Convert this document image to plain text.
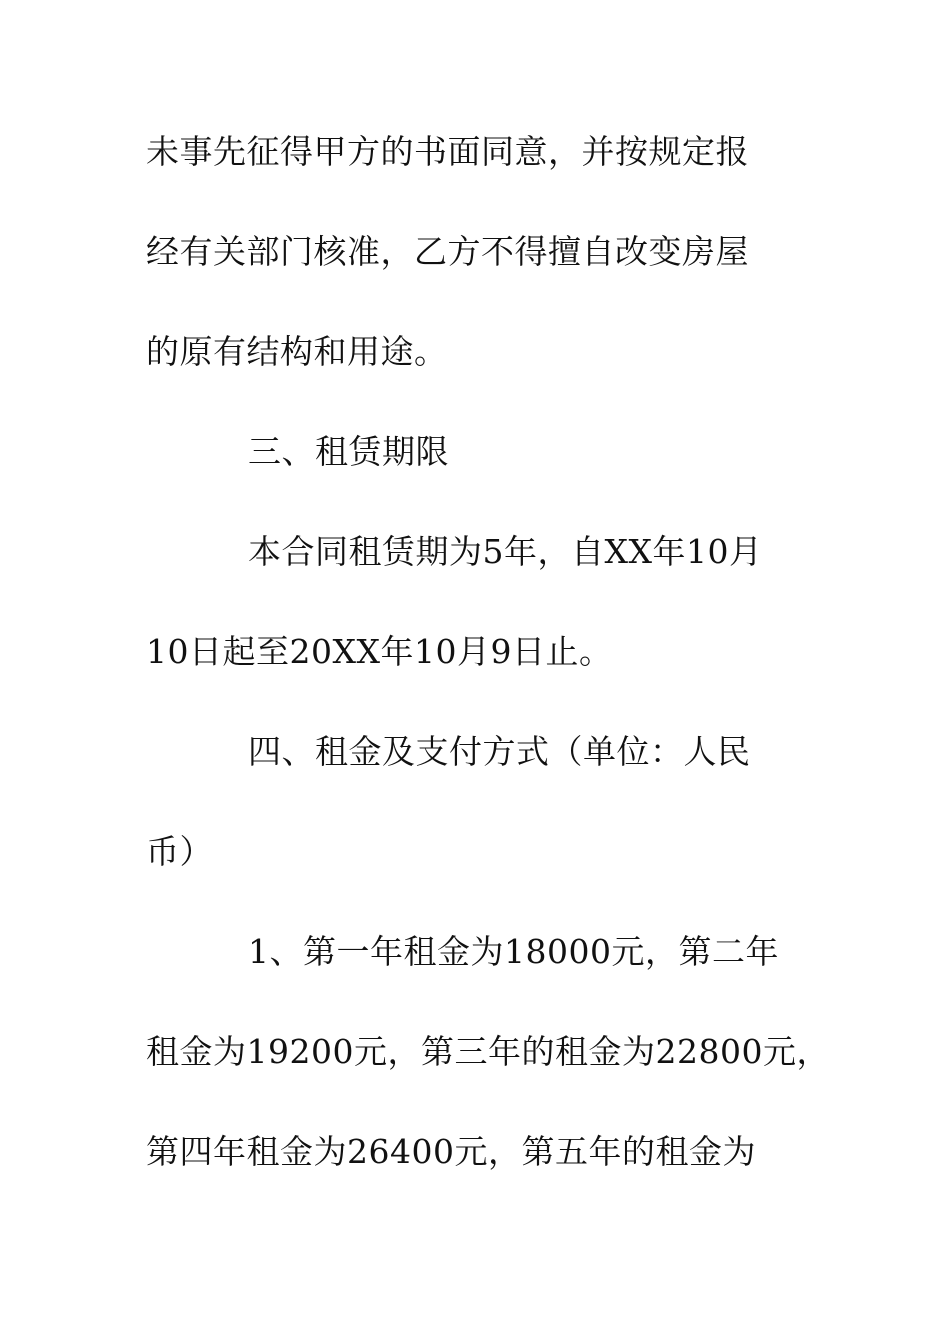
未事先征得甲方的书面同意，并按规定报
经有关部门核准，乙方不得擅自改变房屋
的原有结构和用途。
三、租赁期限
本合同租赁期为5年，自XX年10月
10日起至20XX年10月9日止。
四、租金及支付方式（单位：人民
币）
1、第一年租金为18000元，第二年
租金为19200元，第三年的租金为22800元，
第四年租金为26400元，第五年的租金为
